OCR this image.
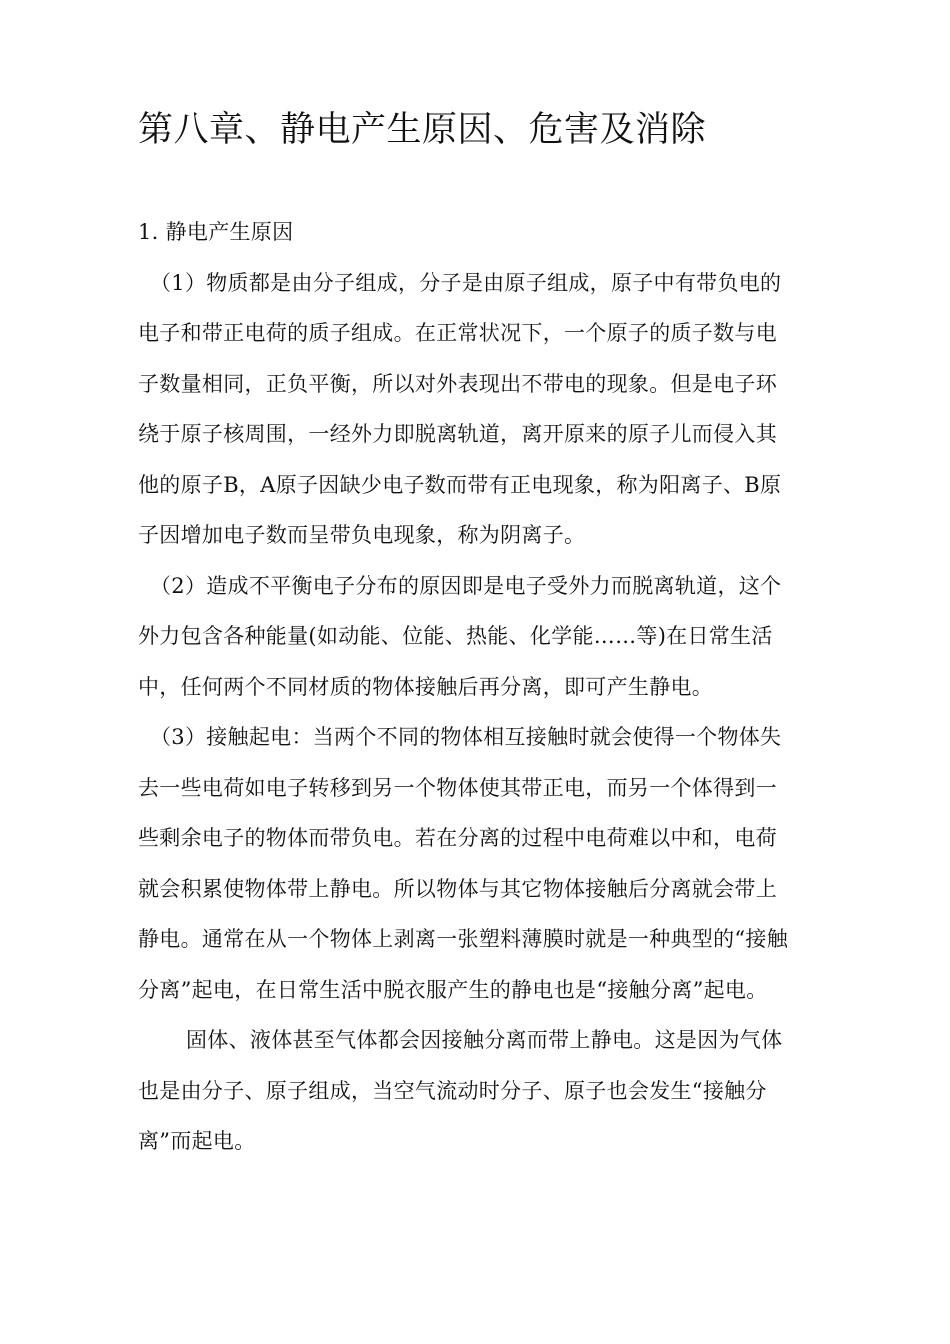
第八章、静电产生原因、危害及消除
1. 静电产生原因
（1）物质都是由分子组成，分子是由原子组成，原子中有带负电的
电子和带正电荷的质子组成。在正常状况下，一个原子的质子数与电
子数量相同，正负平衡，所以对外表现出不带电的现象。但是电子环
绕于原子核周围，一经外力即脱离轨道，离开原来的原子儿而侵入其
他的原子B，A原子因缺少电子数而带有正电现象，称为阳离子、B原
子因增加电子数而呈带负电现象，称为阴离子。
（2）造成不平衡电子分布的原因即是电子受外力而脱离轨道，这个
外力包含各种能量(如动能、位能、热能、化学能……等)在日常生活
中，任何两个不同材质的物体接触后再分离，即可产生静电。
（3）接触起电：当两个不同的物体相互接触时就会使得一个物体失
去一些电荷如电子转移到另一个物体使其带正电，而另一个体得到一
些剩余电子的物体而带负电。若在分离的过程中电荷难以中和，电荷
就会积累使物体带上静电。所以物体与其它物体接触后分离就会带上
静电。通常在从一个物体上剥离一张塑料薄膜时就是一种典型的“接触
分离”起电，在日常生活中脱衣服产生的静电也是“接触分离”起电。
固体、液体甚至气体都会因接触分离而带上静电。这是因为气体
也是由分子、原子组成，当空气流动时分子、原子也会发生“接触分
离”而起电。
